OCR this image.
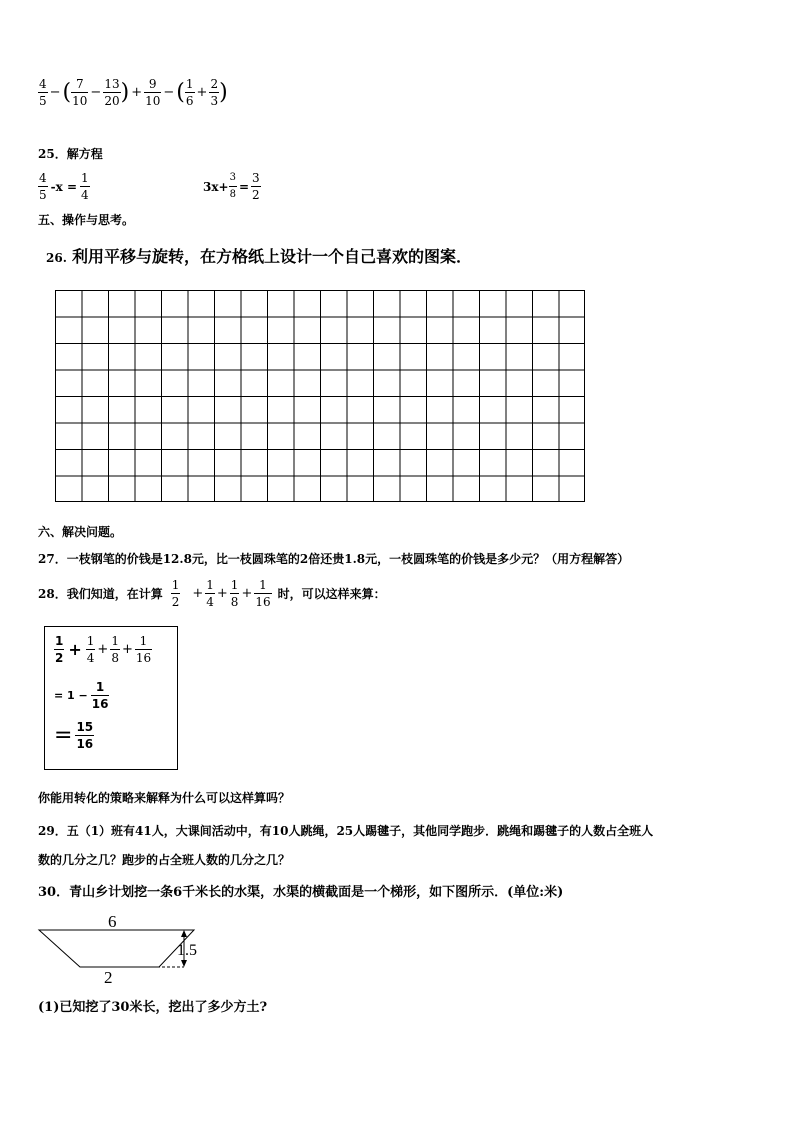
$\frac{4}{5}$ − ( $\frac{7}{10} - \frac{13}{20}$ ) + $\frac{9}{10}$ − ( $\frac{1}{6} + \frac{2}{3}$ )
25．解方程
$\frac{4}{5} -x = \frac{1}{4}$	$3x+ \frac{3}{8} = \frac{3}{2}$
五、操作与思考。
26. 利用平移与旋转，在方格纸上设计一个自己喜欢的图案．
六、解决问题。
27．一枝钢笔的价钱是12.8元，比一枝圆珠笔的2倍还贵1.8元，一枝圆珠笔的价钱是多少元？（用方程解答）
28．我们知道，在计算 $\frac{1}{2} + \frac{1}{4} + \frac{1}{8} + \frac{1}{16}$ 时，可以这样来算：
$\frac{1}{2} + \frac{1}{4} + \frac{1}{8} + \frac{1}{16}$
= $1 - \frac{1}{16}$
= $\frac{15}{16}$
你能用转化的策略来解释为什么可以这样算吗？
29．五（1）班有41人，大课间活动中，有10人跳绳，25人踢毽子，其他同学跑步．跳绳和踢毽子的人数占全班人
数的几分之几？跑步的占全班人数的几分之几？
30．青山乡计划挖一条6千米长的水渠，水渠的横截面是一个梯形，如下图所示．(单位:米)
6
1.5
2
(1)已知挖了30米长，挖出了多少方土?
